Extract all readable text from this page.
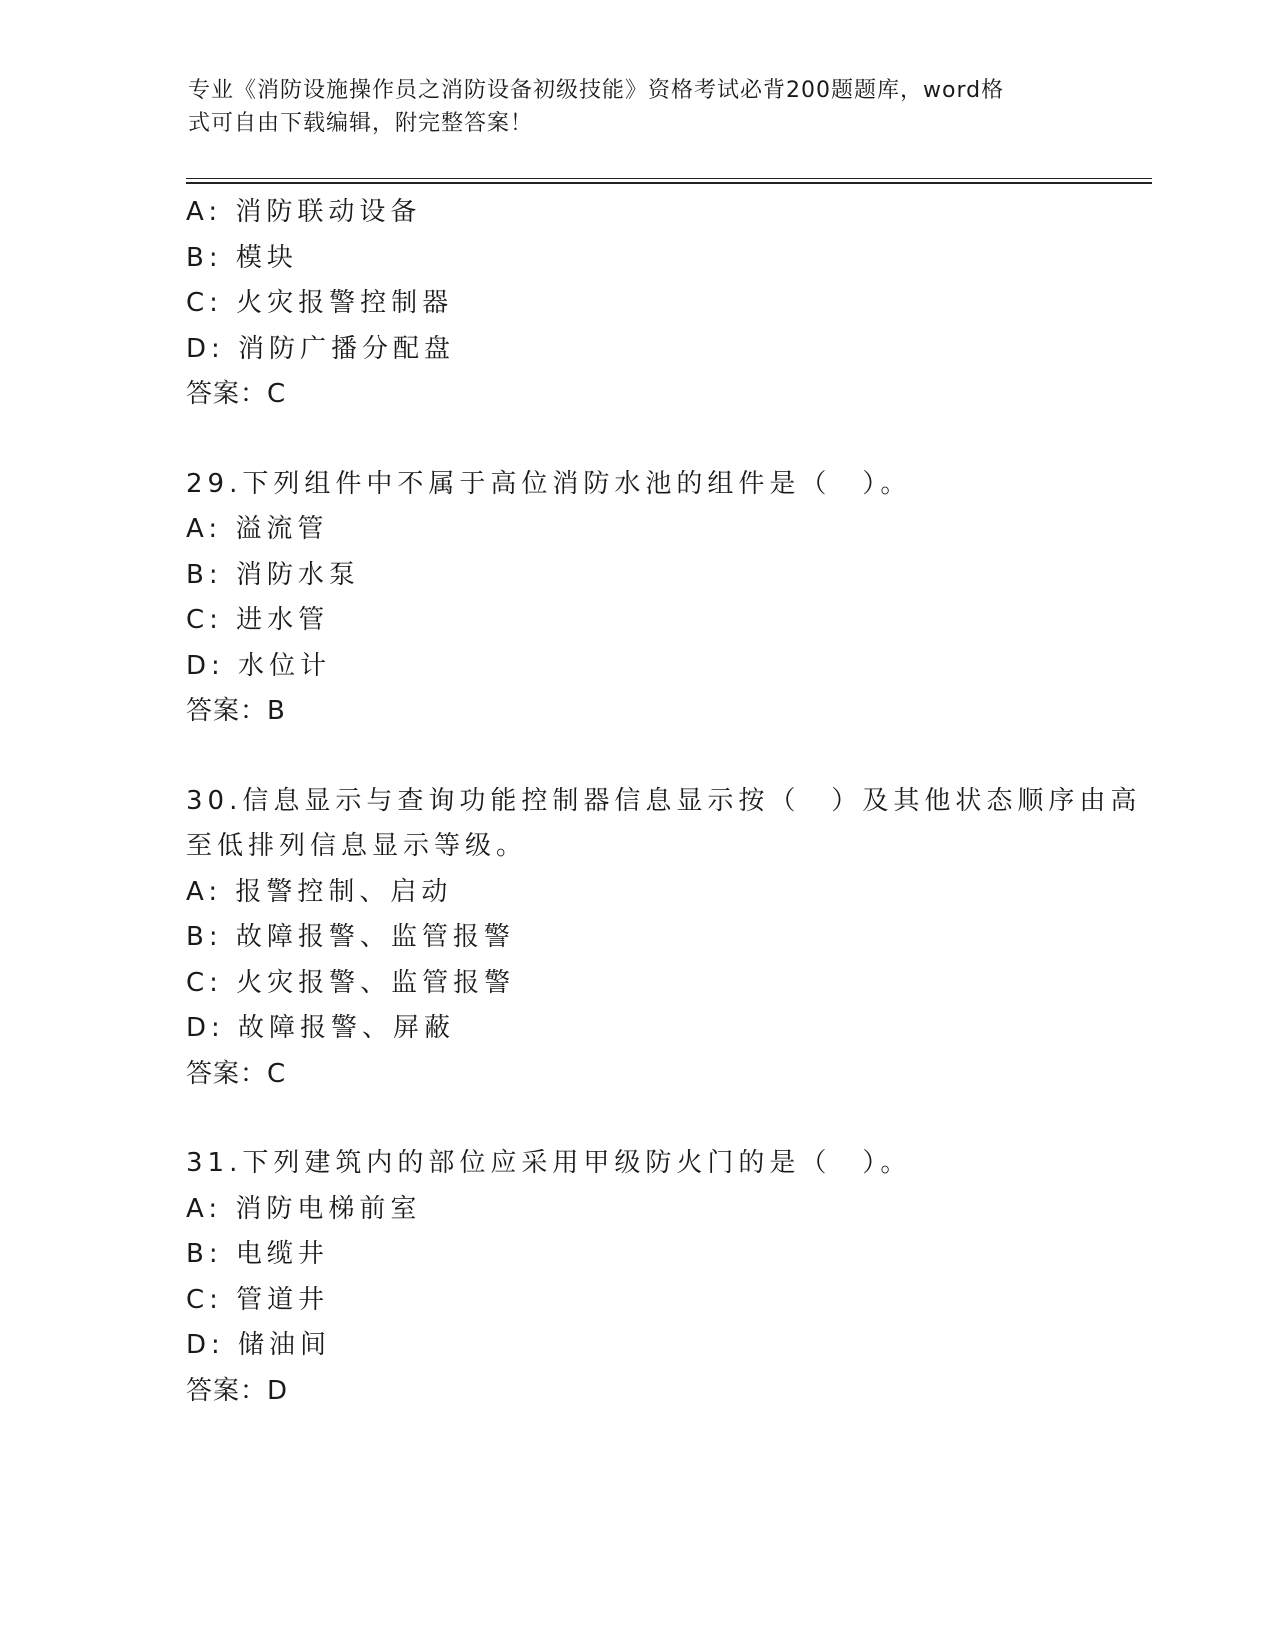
专业《消防设施操作员之消防设备初级技能》资格考试必背200题题库，word格
式可自由下载编辑，附完整答案！
A: 消防联动设备
B: 模块
C: 火灾报警控制器
D: 消防广播分配盘
答案：C
29.下列组件中不属于高位消防水池的组件是（　）。
A: 溢流管
B: 消防水泵
C: 进水管
D: 水位计
答案：B
30.信息显示与查询功能控制器信息显示按（　）及其他状态顺序由高
至低排列信息显示等级。
A: 报警控制、启动
B: 故障报警、监管报警
C: 火灾报警、监管报警
D: 故障报警、屏蔽
答案：C
31.下列建筑内的部位应采用甲级防火门的是（　）。
A: 消防电梯前室
B: 电缆井
C: 管道井
D: 储油间
答案：D
